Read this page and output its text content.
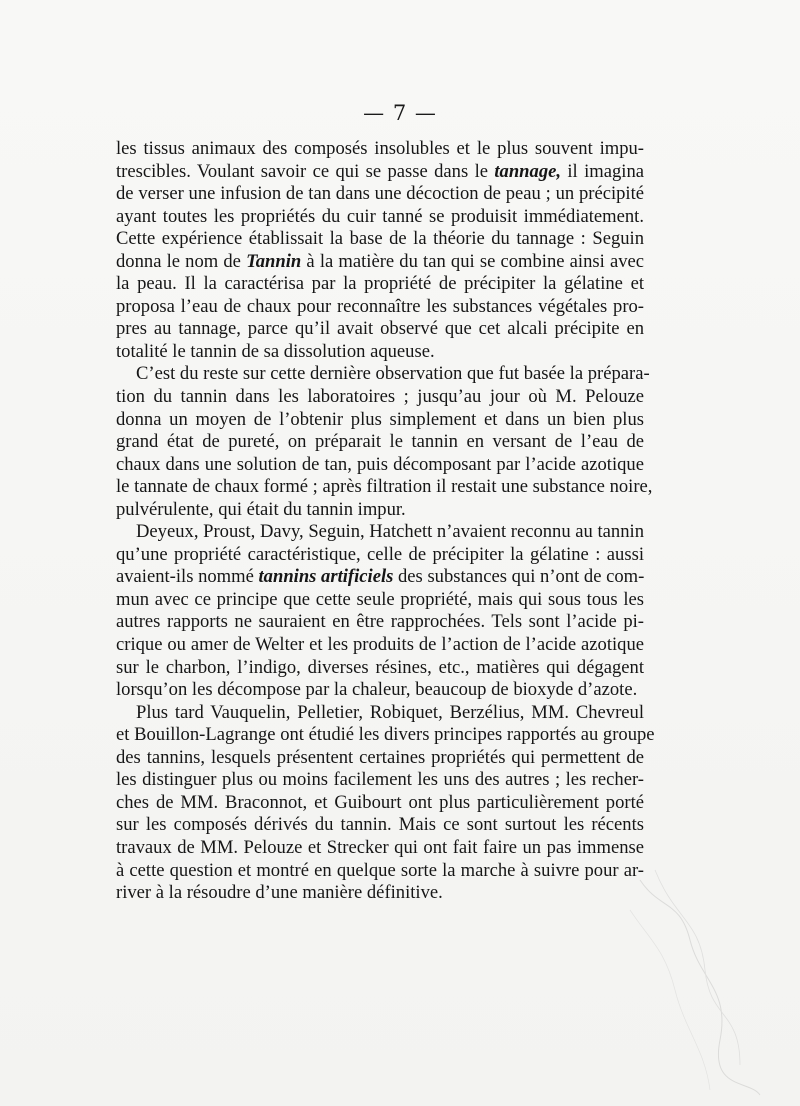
— 7 —
les tissus animaux des composés insolubles et le plus souvent impu-
trescibles. Voulant savoir ce qui se passe dans le tannage, il imagina
de verser une infusion de tan dans une décoction de peau ; un précipité
ayant toutes les propriétés du cuir tanné se produisit immédiatement.
Cette expérience établissait la base de la théorie du tannage : Seguin
donna le nom de Tannin à la matière du tan qui se combine ainsi avec
la peau. Il la caractérisa par la propriété de précipiter la gélatine et
proposa l’eau de chaux pour reconnaître les substances végétales pro-
pres au tannage, parce qu’il avait observé que cet alcali précipite en
totalité le tannin de sa dissolution aqueuse.
C’est du reste sur cette dernière observation que fut basée la prépara-
tion du tannin dans les laboratoires ; jusqu’au jour où M. Pelouze
donna un moyen de l’obtenir plus simplement et dans un bien plus
grand état de pureté, on préparait le tannin en versant de l’eau de
chaux dans une solution de tan, puis décomposant par l’acide azotique
le tannate de chaux formé ; après filtration il restait une substance noire,
pulvérulente, qui était du tannin impur.
Deyeux, Proust, Davy, Seguin, Hatchett n’avaient reconnu au tannin
qu’une propriété caractéristique, celle de précipiter la gélatine : aussi
avaient-ils nommé tannins artificiels des substances qui n’ont de com-
mun avec ce principe que cette seule propriété, mais qui sous tous les
autres rapports ne sauraient en être rapprochées. Tels sont l’acide pi-
crique ou amer de Welter et les produits de l’action de l’acide azotique
sur le charbon, l’indigo, diverses résines, etc., matières qui dégagent
lorsqu’on les décompose par la chaleur, beaucoup de bioxyde d’azote.
Plus tard Vauquelin, Pelletier, Robiquet, Berzélius, MM. Chevreul
et Bouillon-Lagrange ont étudié les divers principes rapportés au groupe
des tannins, lesquels présentent certaines propriétés qui permettent de
les distinguer plus ou moins facilement les uns des autres ; les recher-
ches de MM. Braconnot, et Guibourt ont plus particulièrement porté
sur les composés dérivés du tannin. Mais ce sont surtout les récents
travaux de MM. Pelouze et Strecker qui ont fait faire un pas immense
à cette question et montré en quelque sorte la marche à suivre pour ar-
river à la résoudre d’une manière définitive.
